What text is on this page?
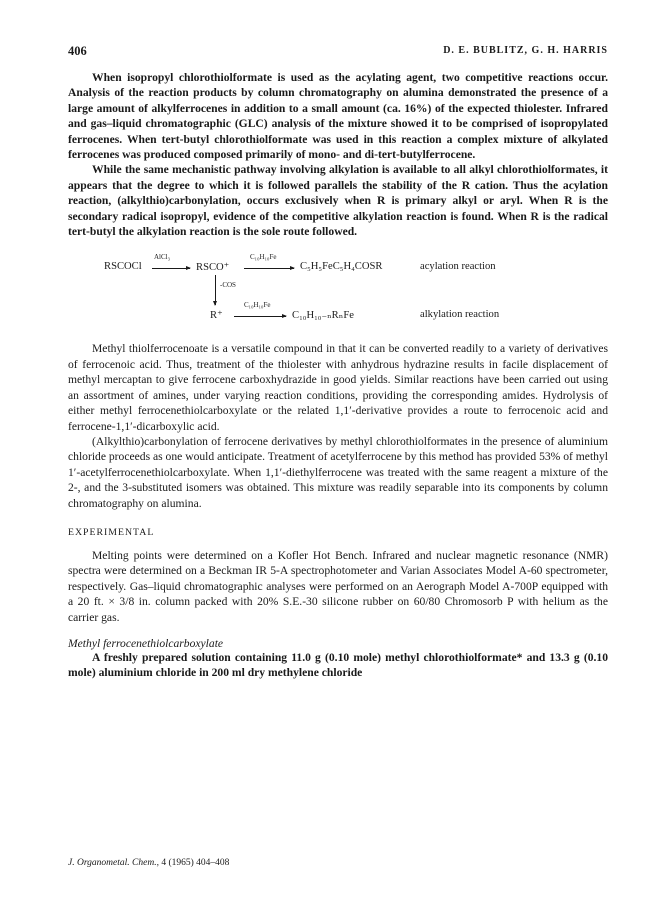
406	D. E. BUBLITZ, G. H. HARRIS

When isopropyl chlorothiolformate is used as the acylating agent, two competitive reactions occur. Analysis of the reaction products by column chromatography on alumina demonstrated the presence of a large amount of alkylferrocenes in addition to a small amount (ca. 16%) of the expected thiolester. Infrared and gas–liquid chromatographic (GLC) analysis of the mixture showed it to be comprised of isopropylated ferrocenes. When tert-butyl chlorothiolformate was used in this reaction a complex mixture of alkylated ferrocenes was produced composed primarily of mono- and di-tert-butylferrocene.

While the same mechanistic pathway involving alkylation is available to all alkyl chlorothiolformates, it appears that the degree to which it is followed parallels the stability of the R cation. Thus the acylation reaction, (alkylthio)carbonylation, occurs exclusively when R is primary alkyl or aryl. When R is the secondary radical isopropyl, evidence of the competitive alkylation reaction is found. When R is the radical tert-butyl the alkylation reaction is the sole route followed.

RSCOCl
AlCl₃
RSCO⁺
C₁₀H₁₀Fe
C₅H₅FeC₅H₄COSR	acylation reaction
-COS
R⁺
C₁₀H₁₀Fe
C₁₀H₁₀₋ₙRₙFe	alkylation reaction

Methyl thiolferrocenoate is a versatile compound in that it can be converted readily to a variety of derivatives of ferrocenoic acid. Thus, treatment of the thiolester with anhydrous hydrazine results in facile displacement of methyl mercaptan to give ferrocene carboxhydrazide in good yields. Similar reactions have been carried out using an assortment of amines, under varying reaction conditions, providing the corresponding amides. Hydrolysis of either methyl ferrocenethiolcarboxylate or the related 1,1′-derivative provides a route to ferrocenoic acid and ferrocene-1,1′-dicarboxylic acid.

(Alkylthio)carbonylation of ferrocene derivatives by methyl chlorothiolformates in the presence of aluminium chloride proceeds as one would anticipate. Treatment of acetylferrocene by this method has provided 53% of methyl 1′-acetylferrocenethiolcarboxylate. When 1,1′-diethylferrocene was treated with the same reagent a mixture of the 2-, and the 3-substituted isomers was obtained. This mixture was readily separable into its components by column chromatography on alumina.

EXPERIMENTAL

Melting points were determined on a Kofler Hot Bench. Infrared and nuclear magnetic resonance (NMR) spectra were determined on a Beckman IR 5-A spectrophotometer and Varian Associates Model A-60 spectrometer, respectively. Gas–liquid chromatographic analyses were performed on an Aerograph Model A-700P equipped with a 20 ft. × 3/8 in. column packed with 20% S.E.-30 silicone rubber on 60/80 Chromosorb P with helium as the carrier gas.

Methyl ferrocenethiolcarboxylate

A freshly prepared solution containing 11.0 g (0.10 mole) methyl chlorothiolformate* and 13.3 g (0.10 mole) aluminium chloride in 200 ml dry methylene chloride

J. Organometal. Chem., 4 (1965) 404–408
